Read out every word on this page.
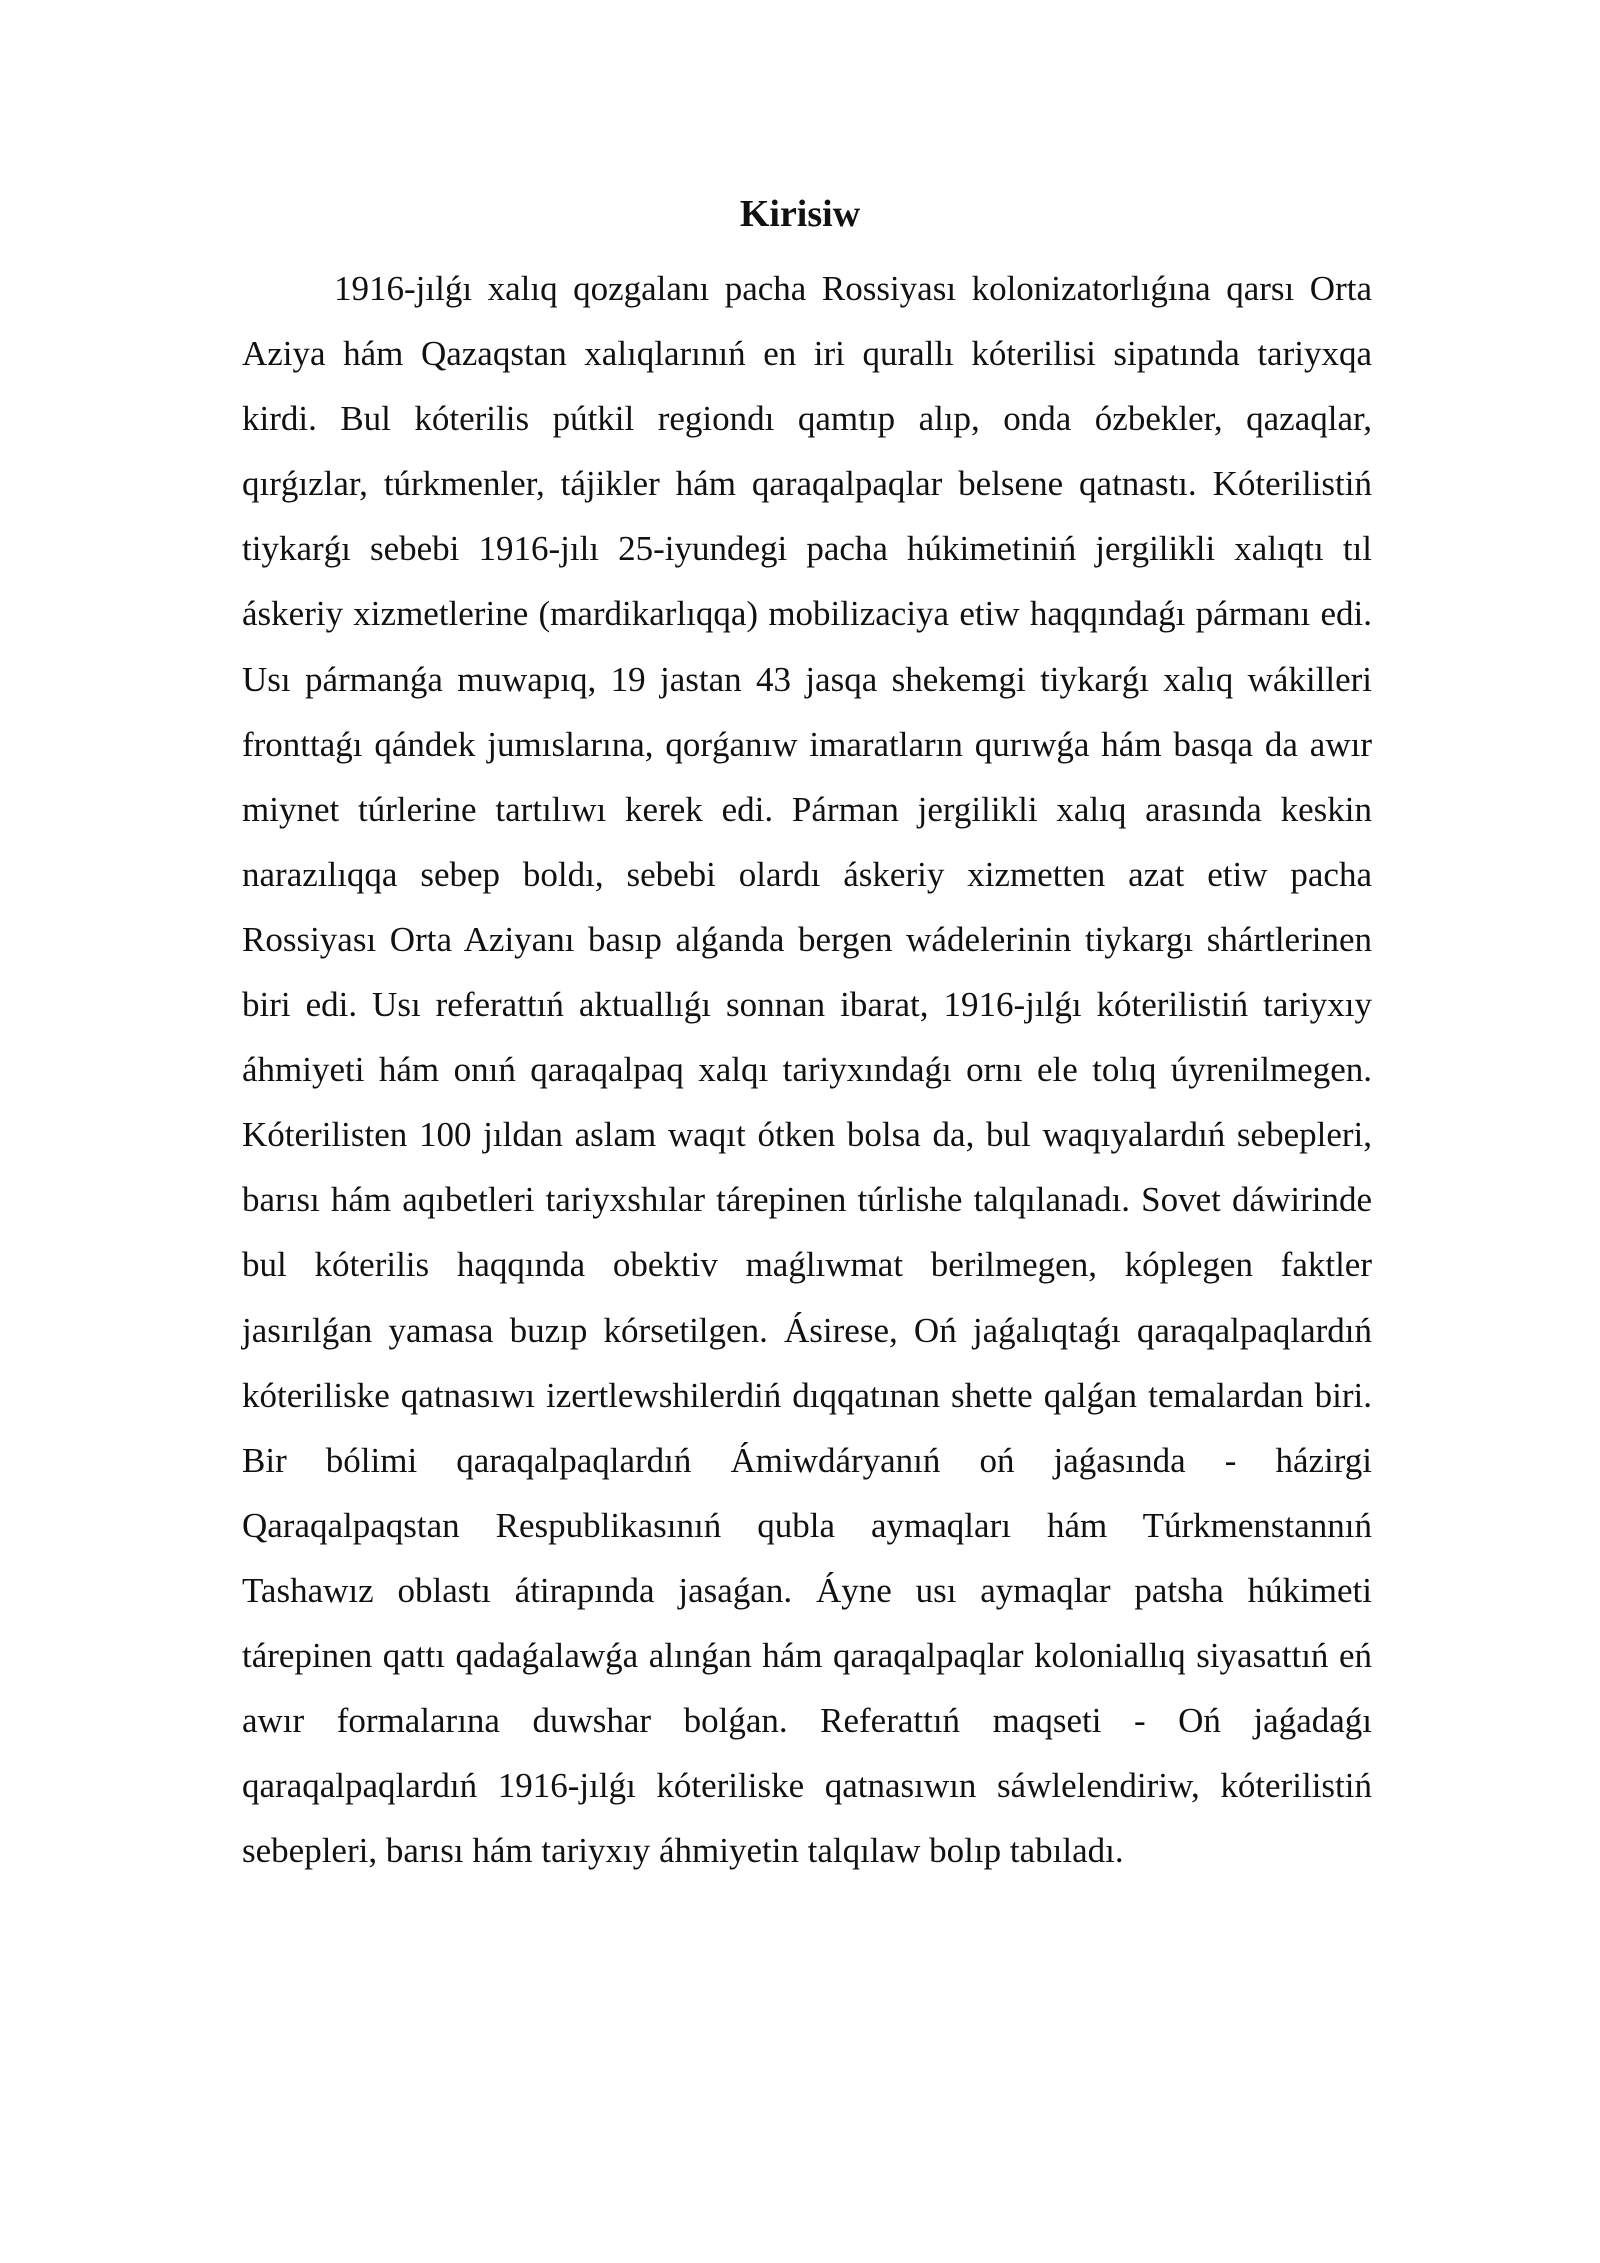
Kirisiw

1916-jılǵı xalıq qozgalanı pacha Rossiyası kolonizatorlıǵına qarsı Orta Aziya hám Qazaqstan xalıqlarınıń en iri qurallı kóterilisi sipatında tariyxqa kirdi. Bul kóterilis pútkil regiondı qamtıp alıp, onda ózbekler, qazaqlar, qırǵızlar, túrkmenler, tájikler hám qaraqalpaqlar belsene qatnastı. Kóterilistiń tiykarǵı sebebi 1916-jılı 25-iyundegi pacha húkimetiniń jergilikli xalıqtı tıl áskeriy xizmetlerine (mardikarlıqqa) mobilizaciya etiw haqqındaǵı pármanı edi. Usı pármanǵa muwapıq, 19 jastan 43 jasqa shekemgi tiykarǵı xalıq wákilleri fronttaǵı qándek jumıslarına, qorǵanıw imaratların qurıwǵa hám basqa da awır miynet túrlerine tartılıwı kerek edi. Párman jergilikli xalıq arasında keskin narazılıqqa sebep boldı, sebebi olardı áskeriy xizmetten azat etiw pacha Rossiyası Orta Aziyanı basıp alǵanda bergen wádelerinin tiykargı shártlerinen biri edi. Usı referattıń aktuallıǵı sonnan ibarat, 1916-jılǵı kóterilistiń tariyxıy áhmiyeti hám onıń qaraqalpaq xalqı tariyxındaǵı ornı ele tolıq úyrenilmegen. Kóterilisten 100 jıldan aslam waqıt ótken bolsa da, bul waqıyalardıń sebepleri, barısı hám aqıbetleri tariyxshılar tárepinen túrlishe talqılanadı. Sovet dáwirinde bul kóterilis haqqında obektiv maǵlıwmat berilmegen, kóplegen faktler jasırılǵan yamasa buzıp kórsetilgen. Ásirese, Oń jaǵalıqtaǵı qaraqalpaqlardıń kóteriliske qatnasıwı izertlewshilerdiń dıqqatınan shette qalǵan temalardan biri. Bir bólimi qaraqalpaqlardıń Ámiwdáryanıń oń jaǵasında - házirgi Qaraqalpaqstan Respublikasınıń qubla aymaqları hám Túrkmenstannıń Tashawız oblastı átirapında jasaǵan. Áyne usı aymaqlar patsha húkimeti tárepinen qattı qadaǵalawǵa alınǵan hám qaraqalpaqlar koloniallıq siyasattıń eń awır formalarına duwshar bolǵan. Referattıń maqseti - Oń jaǵadaǵı qaraqalpaqlardıń 1916-jılǵı kóteriliske qatnasıwın sáwlelendiriw, kóterilistiń sebepleri, barısı hám tariyxıy áhmiyetin talqılaw bolıp tabıladı.
